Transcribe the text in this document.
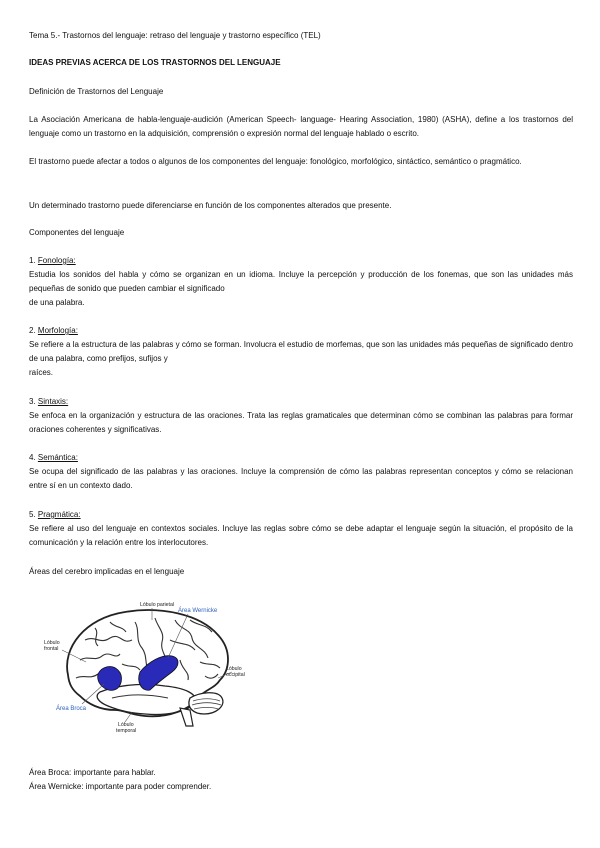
Tema 5.- Trastornos del lenguaje: retraso del lenguaje y trastorno específico (TEL)
IDEAS PREVIAS ACERCA DE LOS TRASTORNOS DEL LENGUAJE
Definición de Trastornos del Lenguaje
La Asociación Americana de habla-lenguaje-audición (American Speech- language- Hearing Association, 1980) (ASHA), define a los trastornos del lenguaje como un trastorno en la adquisición, comprensión o expresión normal del lenguaje hablado o escrito.
El trastorno puede afectar a todos o algunos de los componentes del lenguaje: fonológico, morfológico, sintáctico, semántico o pragmático.
Un determinado trastorno puede diferenciarse en función de los componentes alterados que presente.
Componentes del lenguaje
1. Fonología:
Estudia los sonidos del habla y cómo se organizan en un idioma. Incluye la percepción y producción de los fonemas, que son las unidades más pequeñas de sonido que pueden cambiar el significado
de una palabra.
2. Morfología:
Se refiere a la estructura de las palabras y cómo se forman. Involucra el estudio de morfemas, que son las unidades más pequeñas de significado dentro de una palabra, como prefijos, sufijos y
raíces.
3. Sintaxis:
Se enfoca en la organización y estructura de las oraciones. Trata las reglas gramaticales que determinan cómo se combinan las palabras para formar oraciones coherentes y significativas.
4. Semántica:
Se ocupa del significado de las palabras y las oraciones. Incluye la comprensión de cómo las palabras representan conceptos y cómo se relacionan entre sí en un contexto dado.
5. Pragmática:
Se refiere al uso del lenguaje en contextos sociales. Incluye las reglas sobre cómo se debe adaptar el lenguaje según la situación, el propósito de la comunicación y la relación entre los interlocutores.
Áreas del cerebro implicadas en el lenguaje
Lóbulo parietal
Área Wernicke
Lóbulo
frontal
Lóbulo
occipital
Área Broca
Lóbulo
temporal
Área Broca: importante para hablar.
Área Wernicke: importante para poder comprender.
